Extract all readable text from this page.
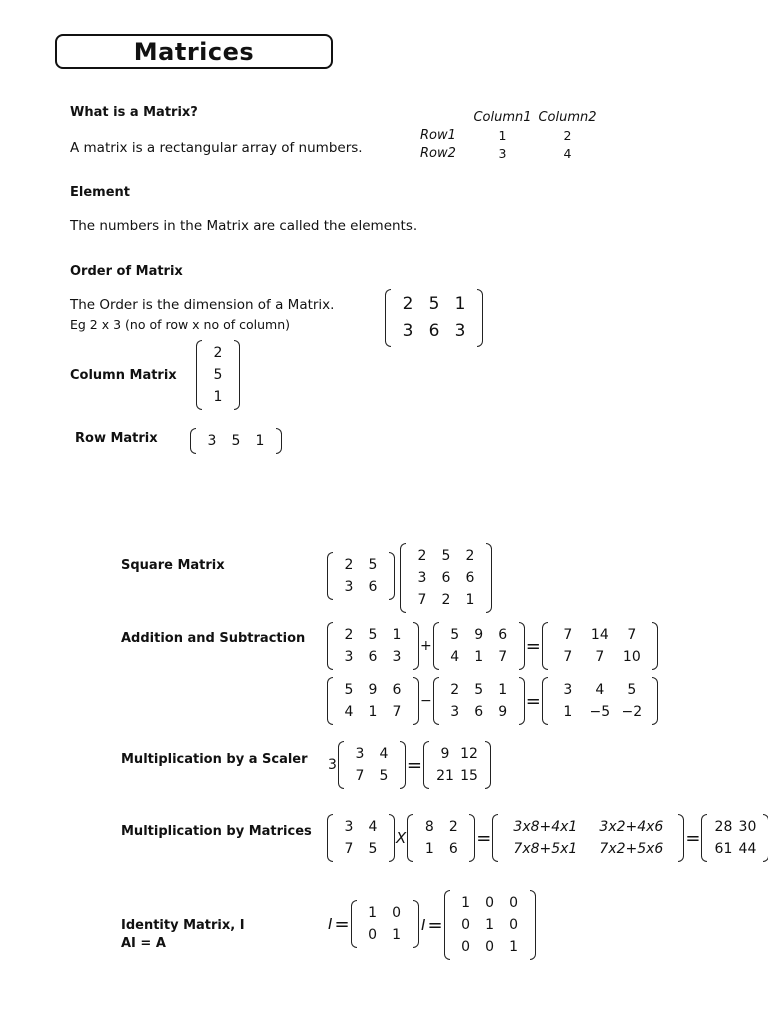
Matrices
What is a Matrix?
A matrix is a rectangular array of numbers.
Column1 Column2
Row1	1	2
Row2	3	4
Element
The numbers in the Matrix are called the elements.
Order of Matrix
The Order is the dimension of a Matrix.
Eg 2 x 3 (no of row x no of column)
2 5 1
3 6 3
Column Matrix
2
5
1
Row Matrix	3	5	1
Square Matrix	2	5
3	6
2	5	2
3	6	6
7	2	1
Addition and Subtraction	2	5	1
3	6	3
+
5	9	6
4	1	7
=
7	14	7
7	7	10
5	9	6
4	1	7
−
2	5	1
3	6	9
=
3	4	5
1	−5 −2
Multiplication by a Scaler 3
3	4
7	5
=
9 12
21 15
Multiplication by Matrices	3	4
7	5
X
8	2
1	6
=
3x8+4x1	3x2+4x6
7x8+5x1	7x2+5x6
=
28 30
61 44
Identity Matrix, I
AI = A
I =
1	0
0	1
I =
1	0	0
0	1	0
0	0	1
